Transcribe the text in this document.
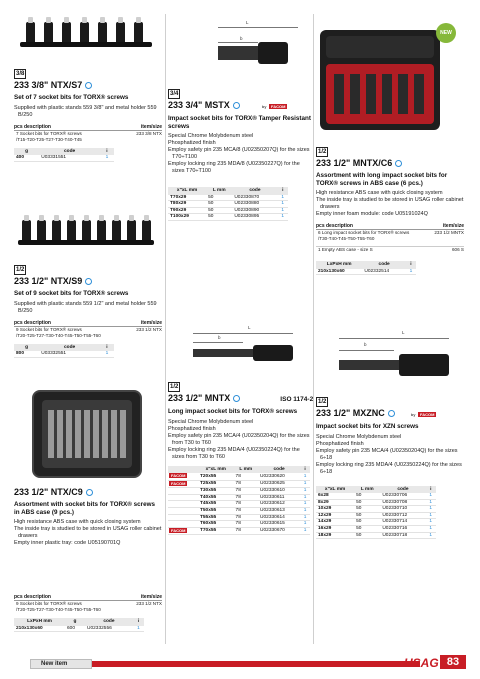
3/8
233 3/8" NTX/S7
Set of 7 socket bits for TORX® screws
Supplied with plastic stands 559 3/8" and metal holder 559 B/250
pcs description	item/size
7 Socket bits for TORX® screws	233 3/8 NTX
/T15-T20-T25-T27-T30-T40-T45
g	code	i
400	U03331551	1
1/2
233 1/2" NTX/S9
Set of 9 socket bits for TORX® screws
Supplied with plastic stands 559 1/2" and metal holder 559 B/250
pcs description	item/size
9 Socket bits for TORX® screws	233 1/2 NTX
/T20-T25-T27-T30-T40-T45-T50-T55-T60
g	code	i
800	U03332551	1
233 1/2" NTX/C9
Assortment with socket bits for TORX® screws in ABS case (9 pcs.)
High resistance ABS case with quick closing system
The inside tray is studied to be stored in USAG roller cabinet drawers
Empty inner plastic tray: code U05190701Q
pcs description	item/size
9 Socket bits for TORX® screws	233 1/2 NTX
/T20-T25-T27-T30-T40-T45-T50-T55-T60
LxPxH mm	g	code	i
210x130x60	600	U02332556	1
L
b
3/4
233 3/4" MSTX	by FACOM
Impact socket bits for TORX® Tamper Resistant screws
Special Chrome Molybdenum steel
Phosphatized finish
Employ safety pin 235 MCA/8 (U02350207Q) for the sizes T70÷T100
Employ locking ring 235 MDA/8 (U02350227Q) for the sizes T70÷T100
x"xL mm	L mm	code	i
T70x29	50	U02330870	1
T80x29	50	U02330880	1
T90x29	50	U02330890	1
T100x29	50	U02330895	1
L
b
1/2
233 1/2" MNTX	ISO 1174-2
Long impact socket bits for TORX® screws
Special Chrome Molybdenum steel
Phosphatized finish
Employ safety pin 235 MCA/4 (U02350204Q) for the sizes from T30 to T60
Employ locking ring 235 MDA/4 (U02350224Q) for the sizes from T30 to T60
	x"xL mm	L mm	code	i
FACOM	T20x55	78	U02330620	1
FACOM	T25x55	78	U02330625	1
	T30x55	78	U02330610	1
	T40x55	78	U02330611	1
	T45x55	78	U02330612	1
	T50x55	78	U02330613	1
	T55x55	78	U02330614	1
	T60x55	78	U02330615	1
FACOM	T70x55	78	U02330670	1
NEW
1/2
233 1/2" MNTX/C6
Assortment with long impact socket bits for TORX® screws in ABS case (6 pcs.)
High resistance ABS case with quick closing system
The inside tray is studied to be stored in USAG roller cabinet drawers
Empty inner foam module: code U05191024Q
pcs description	item/size
6 Long impact socket bits for TORX® screws	233 1/2 MNTX
/T30-T40-T45-T50-T55-T60
1 Empty ABS case - size S	606 S
LxPxH mm	code	i
210x130x60	U02332514	1
L
b
1/2
233 1/2" MXZNC	by FACOM
Impact socket bits for XZN screws
Special Chrome Molybdenum steel
Phosphatized finish
Employ safety pin 235 MCA/4 (U02350204Q) for the sizes 6÷18
Employ locking ring 235 MDA/4 (U02350224Q) for the sizes 6÷18
x"xL mm	L mm	code	i
6x28	50	U02330706	1
8x29	50	U02330708	1
10x29	50	U02330710	1
12x29	50	U02330712	1
14x29	50	U02330714	1
16x29	50	U02330716	1
18x29	50	U02330718	1
New item	USAG 83
